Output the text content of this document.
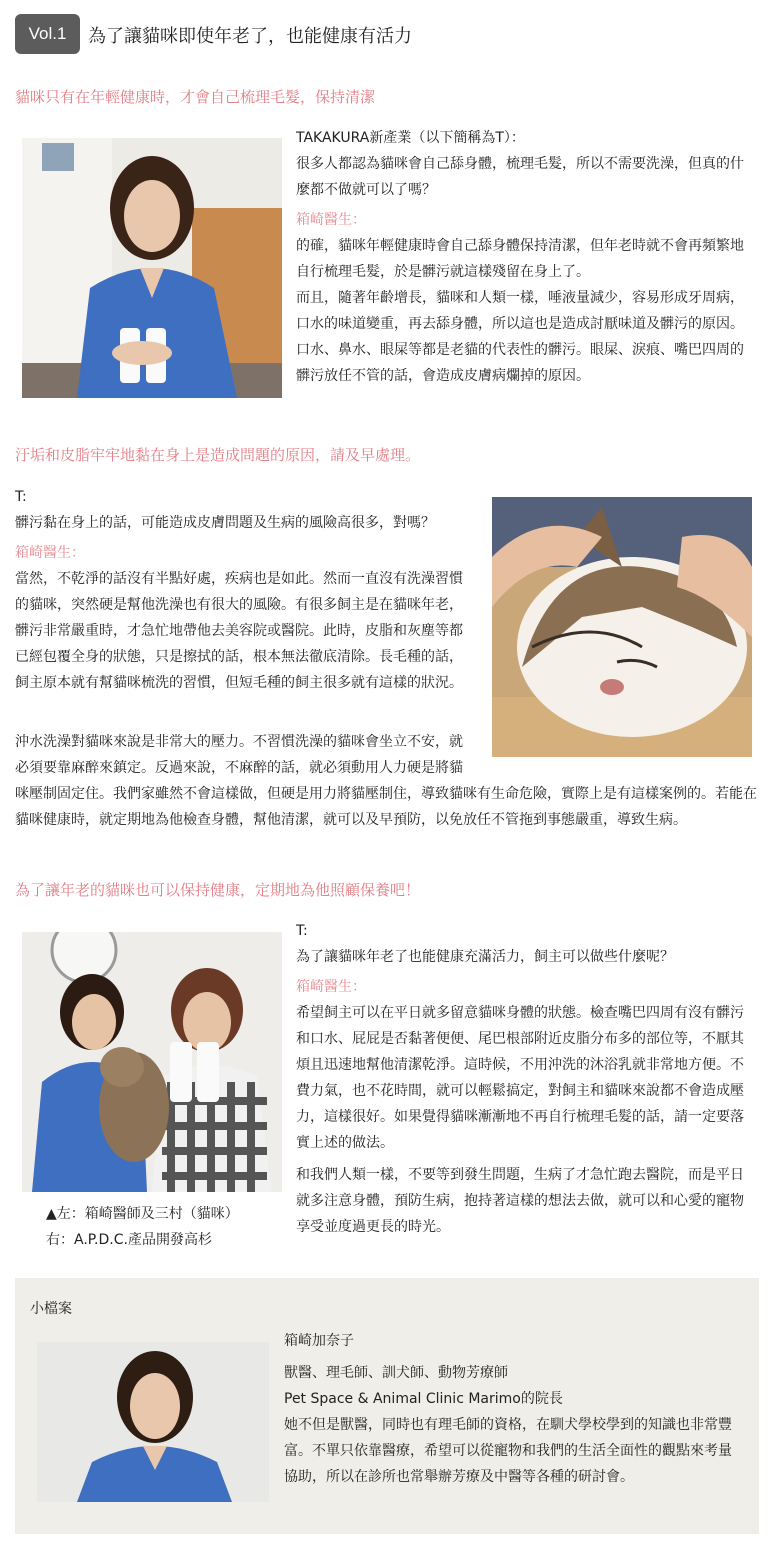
Vol.1	為了讓貓咪即使年老了，也能健康有活力
貓咪只有在年輕健康時，才會自己梳理毛髮，保持清潔

TAKAKURA新產業（以下簡稱為T）：

很多人都認為貓咪會自己舔身體，梳理毛髮，所以不需要洗澡，但真的什麼都不做就可以了嗎？

箱崎醫生：

的確，貓咪年輕健康時會自己舔身體保持清潔，但年老時就不會再頻繁地自行梳理毛髮，於是髒污就這樣殘留在身上了。

而且，隨著年齡增長，貓咪和人類一樣，唾液量減少，容易形成牙周病，口水的味道變重，再去舔身體，所以這也是造成討厭味道及髒污的原因。口水、鼻水、眼屎等都是老貓的代表性的髒污。眼屎、淚痕、嘴巴四周的髒污放任不管的話，會造成皮膚病爛掉的原因。

汙垢和皮脂牢牢地黏在身上是造成問題的原因，請及早處理。

T:

髒污黏在身上的話，可能造成皮膚問題及生病的風險高很多，對嗎？

箱崎醫生：

當然，不乾淨的話沒有半點好處，疾病也是如此。然而一直沒有洗澡習慣的貓咪，突然硬是幫他洗澡也有很大的風險。有很多飼主是在貓咪年老，髒污非常嚴重時，才急忙地帶他去美容院或醫院。此時，皮脂和灰塵等都已經包覆全身的狀態，只是擦拭的話，根本無法徹底清除。長毛種的話，飼主原本就有幫貓咪梳洗的習慣，但短毛種的飼主很多就有這樣的狀況。

沖水洗澡對貓咪來說是非常大的壓力。不習慣洗澡的貓咪會坐立不安，就必須要靠麻醉來鎮定。反過來說，不麻醉的話，就必須動用人力硬是將貓咪壓制固定住。我們家雖然不會這樣做，但硬是用力將貓壓制住，導致貓咪有生命危險，實際上是有這樣案例的。若能在貓咪健康時，就定期地為他檢查身體，幫他清潔，就可以及早預防，以免放任不管拖到事態嚴重，導致生病。

為了讓年老的貓咪也可以保持健康，定期地為他照顧保養吧！
▲左：箱崎醫師及三村（貓咪）
右：A.P.D.C.產品開發高杉

T:

為了讓貓咪年老了也能健康充滿活力，飼主可以做些什麼呢？

箱崎醫生：

希望飼主可以在平日就多留意貓咪身體的狀態。檢查嘴巴四周有沒有髒污和口水、屁屁是否黏著便便、尾巴根部附近皮脂分布多的部位等，不厭其煩且迅速地幫他清潔乾淨。這時候，不用沖洗的沐浴乳就非常地方便。不費力氣，也不花時間，就可以輕鬆搞定，對飼主和貓咪來說都不會造成壓力，這樣很好。如果覺得貓咪漸漸地不再自行梳理毛髮的話，請一定要落實上述的做法。

和我們人類一樣，不要等到發生問題，生病了才急忙跑去醫院，而是平日就多注意身體，預防生病，抱持著這樣的想法去做，就可以和心愛的寵物享受並度過更長的時光。

小檔案

箱崎加奈子

獸醫、理毛師、訓犬師、動物芳療師

Pet Space & Animal Clinic Marimo的院長

她不但是獸醫，同時也有理毛師的資格，在馴犬學校學到的知識也非常豐富。不單只依靠醫療，希望可以從寵物和我們的生活全面性的觀點來考量協助，所以在診所也常舉辦芳療及中醫等各種的研討會。
